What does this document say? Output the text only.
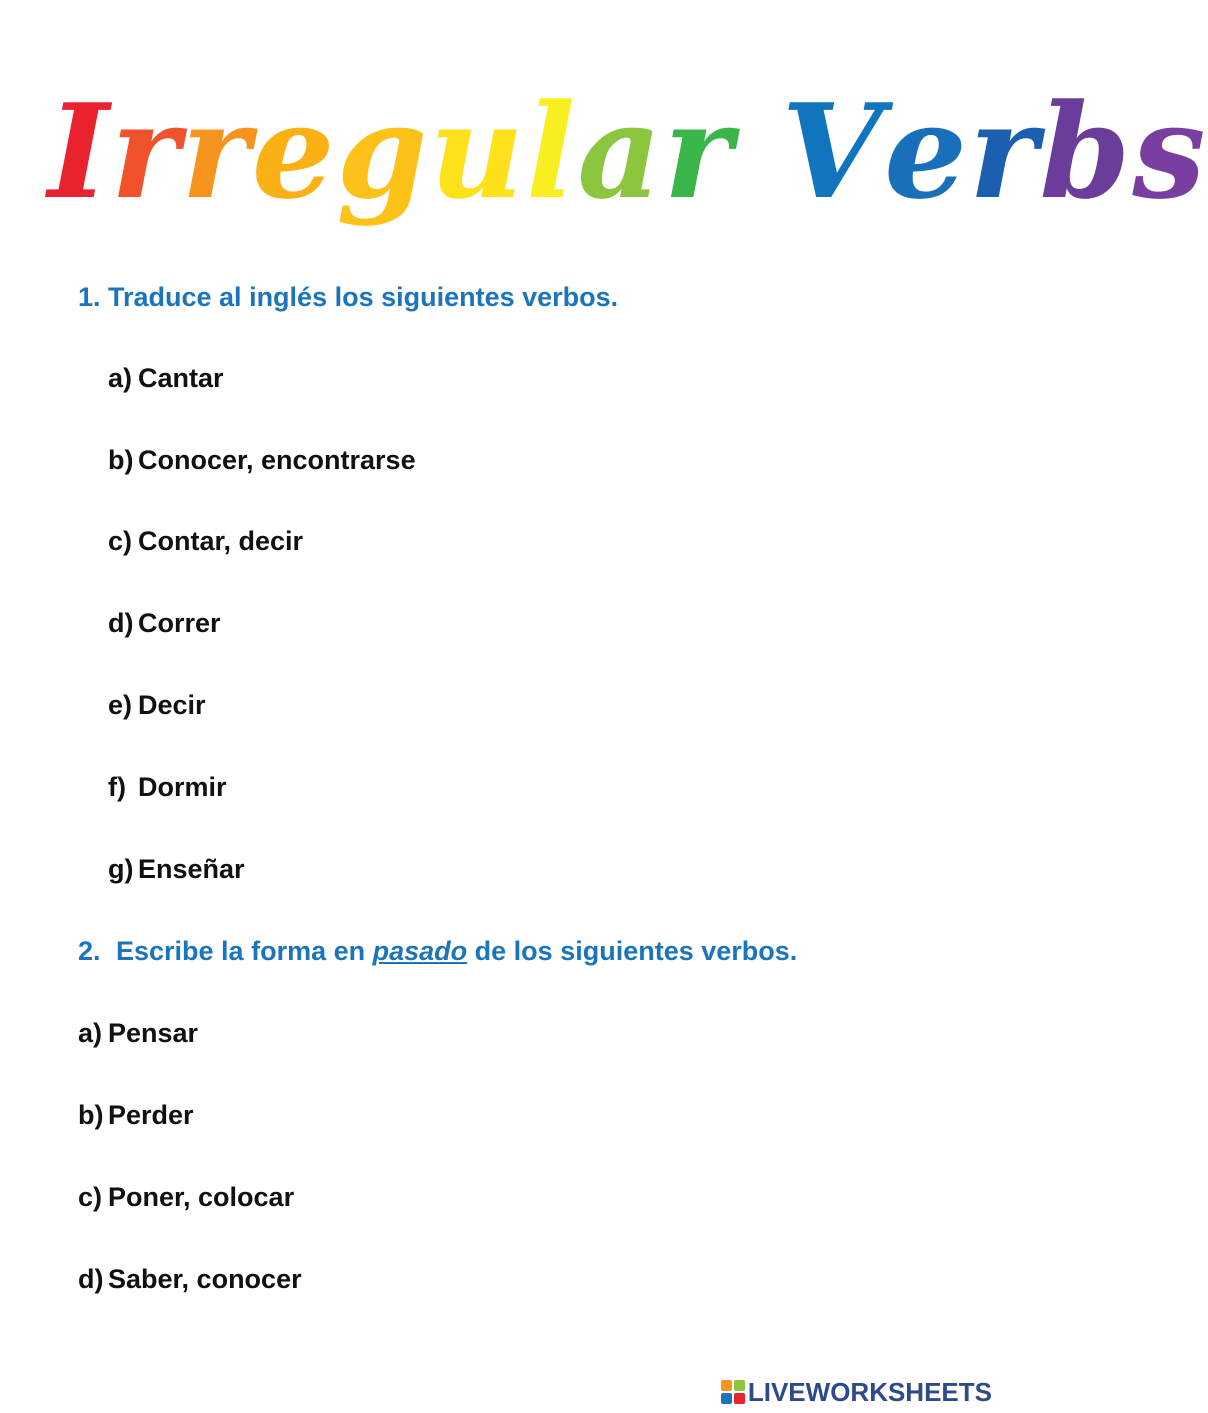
Irregular Verbs
1. Traduce al inglés los siguientes verbos.
a) Cantar
b) Conocer, encontrarse
c) Contar, decir
d) Correr
e) Decir
f) Dormir
g) Enseñar
2. Escribe la forma en pasado de los siguientes verbos.
a) Pensar
b) Perder
c) Poner, colocar
d) Saber, conocer
LIVEWORKSHEETS
